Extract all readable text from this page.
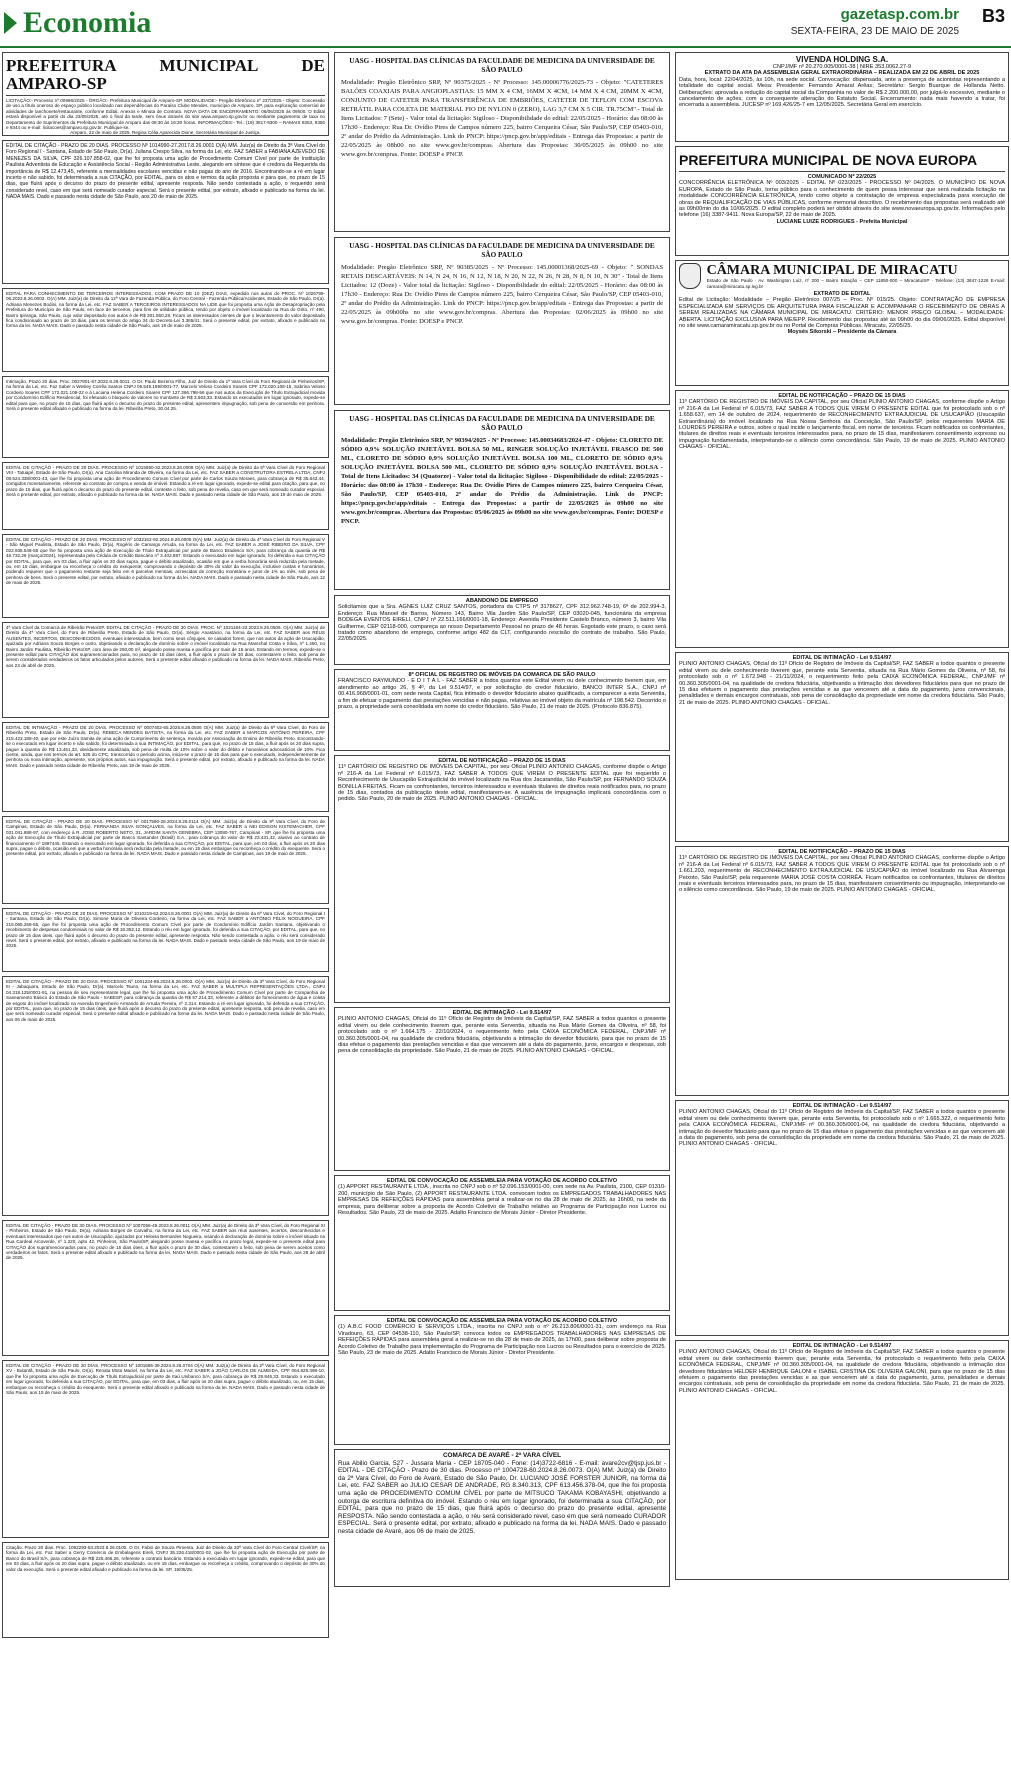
Economia	gazetasp.com.br
SEXTA-FEIRA, 23 DE MAIO DE 2025
B3
PREFEITURA MUNICIPAL DE AMPARO-SP
LICITAÇÃO:- Processo nº 00996/2025 - ÓRGÃO:- Prefeitura Municipal de Amparo-SP. MODALIDADE:- Pregão Eletrônico nº 237/2025 - Objeto: Concessão de uso a título oneroso de espaço público localizado nas dependências do Paraíso Clube Mendes, município de Amparo, SP, para exploração comercial de atividades de lanchonete/restaurante, conforme Edital, Anexos e Minuta de Contrato. NOVA DATA DE ENCERRAMENTO: 06/06/2025 às 09h00. O Edital estará disponível a partir do dia 23/05/2025, até o final da tarde, sem ônus através do site www.amparo.sp.gov.br ou mediante pagamento de taxa no Departamento de Suprimentos da Prefeitura Municipal de Amparo das 08:30 às 16:30 horas. INFORMAÇÕES:- Tel.: (19) 3817-9300 – RAMAIS 9353, 9356 e 9344 ou e-mail: licitacoes@amparo.sp.gov.br. Publique-se.
Amparo, 22 de maio de 2025. Regina Célia Aparecida Dione, Secretária Municipal de Justiça.
EDITAL DE CITAÇÃO - PRAZO DE 20 DIAS. PROCESSO Nº 1014990-27.2017.8.26.0001 O(A) MM. Juiz(a) de Direito da 3ª Vara Cível do Foro Regional I - Santana, Estado de São Paulo, Dr(a). Juliana Crespo Silva, na forma da Lei, etc. FAZ SABER a FABIANA AZEVEDO DE MENEZES DA SILVA, CPF 326.107.858-02, que lhe foi proposta uma ação de Procedimento Comum Cível por parte de Instituição Paulista Adventista de Educação e Assistência Social - Região Administrativa Leste, alegando em síntese que é credora da Requerida da importância de R$ 12.473,45, referente a mensalidades escolares vencidas e não pagas do ano de 2016. Encontrando-se a ré em lugar incerto e não sabido, foi determinada a sua CITAÇÃO, por EDITAL, para os atos e termos da ação proposta e para que, no prazo de 15 dias, que fluirá após o decurso do prazo do presente edital, apresente resposta. Não sendo contestada a ação, o requerido será considerado revel, caso em que será nomeado curador especial. Será o presente edital, por extrato, afixado e publicado na forma da lei. NADA MAIS. Dado e passado nesta cidade de São Paulo, aos 20 de maio de 2025.
EDITAL PARA CONHECIMENTO DE TERCEIROS INTERESSADOS, COM PRAZO DE 10 (DEZ) DIAS, expedido nos autos do PROC. Nº 1026799-06.2023.8.26.0003. O(A) MM. Juiz(a) de Direito da 12ª Vara de Fazenda Pública, do Foro Central - Fazenda Pública/Acidentes, Estado de São Paulo, Dr(a). Adriana Menezes Bodini, na forma da Lei, etc. FAZ SABER A TERCEIROS INTERESSADOS NA LIDE que foi proposta uma Ação de Desapropriação pela Prefeitura do Município de São Paulo, em face de terceiros, para fins de utilidade pública, tendo por objeto o imóvel localizado na Rua do Grito, nº 490, Bairro Ipiranga, São Paulo, cujo valor depositado nos autos é de R$ 301.550,28. Ficam os interessados cientes de que o levantamento do valor depositado fica condicionado ao prazo de 10 dias, para os termos do artigo 34 do Decreto-Lei 3.365/41. Será o presente edital, por extrato, afixado e publicado na forma da lei. NADA MAIS. Dado e passado nesta cidade de São Paulo, aos 19 de maio de 2025.
Intimação. Prazo 20 dias. Proc. 0027801-67.2022.8.26.0011. O Dr. Paulo Bezerra Filho, Juiz de Direito da 1ª Vara Cível do Foro Regional de Pinheiros/SP, na forma da Lei, etc. Faz Saber a Wesley Corrêa Santos CNPJ 05.549.199/0001-77, Marcelo Veloso Cordeiro Soares CPF 172.020.108-15, Sabrina Veloso Cordeiro Soares CPF 172.021.109-22 e à Luciana Helena Cordeiro Soares CPF 127.366.798-56 que nos autos da Execução de Título Extrajudicial movida por Condomínio Edifício Residencial, foi efetuado o bloqueio de valores no montante de R$ 3.563,33. Estando os executados em lugar ignorado, expede-se edital para que, no prazo de 15 dias, que fluirá após o decurso do prazo do presente edital, apresentem impugnação, sob pena de conversão em penhora. Será o presente edital afixado e publicado na forma da lei. Ribeirão Preto, 30.04.25.
EDITAL DE CITAÇÃO - PRAZO DE 20 DIAS. PROCESSO Nº 1015950-32.2023.8.26.0008 O(A) MM. Juiz(a) de Direito da 5ª Vara Cível do Foro Regional VIII - Tatuapé, Estado de São Paulo, Dr(a). Ana Carolina Miranda de Oliveira, na forma da Lei, etc. FAZ SABER a CONSTRUTORA ESTRELA LTDA, CNPJ 08.524.338/0001-43, que lhe foi proposta uma ação de Procedimento Comum Cível por parte de Carlos Souza Moraes, para cobrança de R$ 35.643,44, corrigidos monetariamente, referente ao contrato de compra e venda de imóvel. Estando a ré em lugar ignorado, expede-se edital para citação, para que, no prazo de 15 dias, que fluirá após o decurso do prazo do presente edital, conteste o feito, sob pena de revelia, caso em que será nomeado curador especial. Será o presente edital, por extrato, afixado e publicado na forma da lei. NADA MAIS. Dado e passado nesta cidade de São Paulo, aos 19 de maio de 2025.
EDITAL DE CITAÇÃO - PRAZO DE 20 DIAS. PROCESSO Nº 1032152-92.2024.8.26.0005 O(A) MM. Juiz(a) de Direito da 4ª Vara Cível do Foro Regional V - São Miguel Paulista, Estado de São Paulo, Dr(a). Rogério de Camargo Arruda, na forma da Lei, etc. FAZ SABER a JOSÉ RIBEIRO DA SILVA, CPF 022.935.548-55 que lhe foi proposta uma ação de Execução de Título Extrajudicial por parte de Banco Bradesco S/A, para cobrança da quantia de R$ 48.732,26 (março/2024), representada pela Cédula de Crédito Bancário nº 3.402.887. Estando o executado em lugar ignorado, foi deferida a sua CITAÇÃO por EDITAL, para que, em 03 dias, a fluir após os 20 dias supra, pague o débito atualizado, ocasião em que a verba honorária será reduzida pela metade, ou, em 15 dias, embargue ou reconheça o crédito do exequente, comprovando o depósito de 30% do valor da execução, inclusive custas e honorários, podendo requerer que o pagamento restante seja feito em 6 parcelas mensais, acrescidas de correção monetária e juros de 1% ao mês, sob pena de penhora de bens. Será o presente edital, por extrato, afixado e publicado na forma da lei. NADA MAIS. Dado e passado nesta cidade de São Paulo, aos 12 de maio de 2025.
4ª Vara Cível da Comarca de Ribeirão Preto/SP. EDITAL DE CITAÇÃO - PRAZO DE 30 DIAS. PROC. Nº 1021184-22.2023.8.26.0506. O(A) MM. Juiz(a) de Direito da 4ª Vara Cível, do Foro de Ribeirão Preto, Estado de São Paulo, Dr(a). Sérgio Anastácio, na forma da Lei, etc. FAZ SABER aos RÉUS AUSENTES, INCERTOS, DESCONHECIDOS, eventuais interessados, bem como seus cônjuges, se casados forem, que nos autos da ação de Usucapião, ajuizada por Adriana Souza Borges e outro, objetivando a declaração de domínio sobre o imóvel localizado na Rua Marechal Costa e Silva, nº 1.450, no Bairro Jardim Paulista, Ribeirão Preto/SP, com área de 250,00 m², alegando posse mansa e pacífica por mais de 15 anos. Estando em termos, expede-se o presente edital para CITAÇÃO dos supramencionados para, no prazo de 15 dias úteis, a fluir após o prazo de 30 dias, contestarem o feito, sob pena de serem considerados verdadeiros os fatos articulados pelos autores. Será o presente edital afixado e publicado na forma da lei. NADA MAIS. Ribeirão Preto, aos 23 de abril de 2025.
EDITAL DE INTIMAÇÃO - PRAZO DE 20 DIAS. PROCESSO Nº 0007402-65.2025.8.26.0506 O(A) MM. Juiz(a) de Direito da 6ª Vara Cível, do Foro de Ribeirão Preto, Estado de São Paulo, Dr(a). REBECA MENDES BATISTA, na forma da Lei, etc. FAZ SABER a MARCOS ANTÔNIO PEREIRA, CPF 215.423.188-40, que por este Juízo tramita de uma ação de Cumprimento de sentença, movida por Associação de Ensino de Ribeirão Preto. Encontrando-se o executado em lugar incerto e não sabido, foi determinada a sua INTIMAÇÃO, por EDITAL, para que, no prazo de 15 dias, a fluir após os 20 dias supra, pague a quantia de R$ 13.451,33, devidamente atualizada, sob pena de multa de 10% sobre o valor do débito e honorários advocatícios de 10%. Fica ciente, ainda, que nos termos do art. 525 do CPC, transcorrido o período acima, inicia-se o prazo de 15 dias para que o executado, independentemente de penhora ou nova intimação, apresente, nos próprios autos, sua impugnação. Será o presente edital, por extrato, afixado e publicado na forma da lei. NADA MAIS. Dado e passado nesta cidade de Ribeirão Preto, aos 19 de maio de 2025.
EDITAL DE CITAÇÃO - PRAZO DE 20 DIAS. PROCESSO Nº 0017590-28.2024.8.26.0114 O(A) MM. Juiz(a) de Direito da 9ª Vara Cível, do Foro de Campinas, Estado de São Paulo, Dr(a). FERNANDA SILVA GONÇALVES, na forma da Lei, etc. FAZ SABER a NEI EDISON KISTEMACHER, CPF 031.041.688-97, com endereço à R. JOSE ROBERTO NETO, 31, JARDIM SANTA GENEBRA, CEP 13080-767, Campinas - SP, que lhe foi proposta uma ação de Execução de Título Extrajudicial por parte de Banco Santander (Brasil) S.A., para cobrança do valor de R$ 23.431,42, alusivo ao contrato de financiamento nº 1897445. Estando o executado em lugar ignorado, foi deferida a sua CITAÇÃO, por EDITAL, para que, em 03 dias, a fluir após os 20 dias supra, pague o débito, ocasião em que a verba honorária será reduzida pela metade, ou em 15 dias embargue ou reconheça o crédito do exequente. Será o presente edital, por extrato, afixado e publicado na forma da lei. NADA MAIS. Dado e passado nesta cidade de Campinas, aos 19 de maio de 2025.
EDITAL DE CITAÇÃO - PRAZO DE 20 DIAS. PROCESSO Nº 1010219-62.2024.8.26.0001 O(A) MM. Juiz(a) de Direito da 6ª Vara Cível, do Foro Regional I - Santana, Estado de São Paulo, Dr(a). Simone Maria de Oliveira Cordeiro, na forma da Lei, etc. FAZ SABER a ANTÔNIO FÉLIX NOGUEIRA, CPF 216.065.258-55, que lhe foi proposta uma ação de Procedimento Comum Cível por parte de Condomínio Edifício Jardim Santana, objetivando o recebimento de despesas condominiais no valor de R$ 18.352,12. Estando o réu em lugar ignorado, foi deferida a sua CITAÇÃO, por EDITAL, para que, no prazo de 15 dias úteis, que fluirá após o decurso do prazo do presente edital, apresente resposta. Não sendo contestada a ação, o réu será considerado revel. Será o presente edital, por extrato, afixado e publicado na forma da lei. NADA MAIS. Dado e passado nesta cidade de São Paulo, aos 19 de maio de 2025.
EDITAL DE CITAÇÃO - PRAZO DE 20 DIAS. PROCESSO Nº 1001234-85.2024.8.26.0003. O(A) MM. Juiz(a) de Direito da 3ª Vara Cível, do Foro Regional III - Jabaquara, Estado de São Paulo, Dr(a). Marcelo Tsuno, na forma da Lei, etc. FAZ SABER a MULTIPLA REPRESENTAÇÕES LTDA., CNPJ 04.318.125/0001-91, na pessoa de seu representante legal, que lhe foi proposta uma ação de Procedimento Comum Cível por parte de Companhia de Saneamento Básico do Estado de São Paulo - SABESP, para cobrança da quantia de R$ 57.214,33, referente a débitos de fornecimento de água e coleta de esgoto do imóvel localizado na Avenida Engenheiro Armando de Arruda Pereira, nº 2.314. Estando a ré em lugar ignorado, foi deferida a sua CITAÇÃO, por EDITAL, para que, no prazo de 15 dias úteis, que fluirá após o decurso do prazo do presente edital, apresente resposta, sob pena de revelia, caso em que será nomeado curador especial. Será o presente edital afixado e publicado na forma da lei. NADA MAIS. Dado e passado nesta cidade de São Paulo, aos 06 de maio de 2025.
EDITAL DE CITAÇÃO - PRAZO DE 30 DIAS. PROCESSO Nº 1007056-49.2023.8.26.0011 O(A) MM. Juiz(a) de Direito da 3ª Vara Cível, do Foro Regional XI - Pinheiros, Estado de São Paulo, Dr(a). Adriana Borges de Carvalho, na forma da Lei, etc. FAZ SABER aos réus ausentes, incertos, desconhecidos e eventuais interessados que nos autos de Usucapião, ajuizados por Heloisa Bernardes Nogueira, visando à declaração de domínio sobre o imóvel situado na Rua Cardeal Arcoverde, nº 1.220, apto 42, Pinheiros, São Paulo/SP, alegando posse mansa e pacífica no prazo legal, expede-se o presente edital para CITAÇÃO dos supramencionados para, no prazo de 15 dias úteis, a fluir após o prazo de 30 dias, contestarem o feito, sob pena de serem aceitos como verdadeiros os fatos. Será o presente edital afixado e publicado na forma da lei. NADA MAIS. Dado e passado nesta cidade de São Paulo, aos 28 de abril de 2025.
EDITAL DE CITAÇÃO - PRAZO DE 20 DIAS. PROCESSO Nº 1001685-39.2024.8.26.0704 O(A) MM. Juiz(a) de Direito da 2ª Vara Cível, do Foro Regional XV - Butantã, Estado de São Paulo, Dr(a). Renata Mota Maciel, na forma da Lei, etc. FAZ SABER a JOÃO CARLOS DE ALMEIDA, CPF 064.825.398-10, que lhe foi proposta uma ação de Execução de Título Extrajudicial por parte de Itaú Unibanco S/A, para cobrança de R$ 29.846,33. Estando o executado em lugar ignorado, foi deferida a sua CITAÇÃO, por EDITAL, para que, em 03 dias, a fluir após os 20 dias supra, pague o débito atualizado, ou, em 15 dias, embargue ou reconheça o crédito do exequente. Será o presente edital afixado e publicado na forma da lei. NADA MAIS. Dado e passado nesta cidade de São Paulo, aos 15 de maio de 2025.
Citação. Prazo 20 dias. Proc. 1092293-53.2023.8.26.0100. O Dr. Fabio de Souza Pimenta, Juiz de Direito da 32ª Vara Cível do Foro Central Cível/SP, na forma da Lei, etc. Faz Saber a Gerry Comércio de Embalagens Eireli, CNPJ 35.226.418/0001-02, que lhe foi proposta ação de Execução por parte de Banco do Brasil S/A, para cobrança de R$ 225.466,26, referente a contrato bancário. Estando a executada em lugar ignorado, expede-se edital, para que em 03 dias, a fluir após os 20 dias supra, pague o débito atualizado, ou em 15 dias, embargue ou reconheça o crédito, comprovando o depósito de 30% do valor da execução. Será o presente edital afixado e publicado na forma da lei. SP, 19/05/25.
UASG - HOSPITAL DAS CLÍNICAS DA FACULDADE DE MEDICINA DA UNIVERSIDADE DE SÃO PAULO
Modalidade: Pregão Eletrônico SRP, Nº 90375/2025 - Nº Processo: 145.00006776/2025-73 - Objeto: "CATETERES BALÕES COAXIAIS PARA ANGIOPLASTIAS: 15 MM X 4 CM, 16MM X 4CM, 14 MM X 4 CM, 20MM X 4CM, CONJUNTO DE CATETER PARA TRANSFERÊNCIA DE EMBRIÕES, CATETER DE TEFLON COM ESCOVA RETRÁTIL PARA COLETA DE MATERIAL FIO DE NYLON 0 (ZERO), LAG 3,7 CM X 5 CIR. TR.75CM" - Total de Itens Licitados: 7 (Sete) - Valor total da licitação: Sigiloso - Disponibilidade do edital: 22/05/2025 - Horário: das 08:00 às 17h30 - Endereço: Rua Dr. Ovídio Pires de Campos número 225, bairro Cerqueira César, São Paulo/SP, CEP 05403-010, 2º andar do Prédio da Administração. Link do PNCP: https://pncp.gov.br/app/editais - Entrega das Propostas: a partir de 22/05/2025 às 08h00 no site www.gov.br/compras. Abertura das Propostas: 30/05/2025 às 09h00 no site www.gov.br/compras. Fonte: DOESP e PNCP.
UASG - HOSPITAL DAS CLÍNICAS DA FACULDADE DE MEDICINA DA UNIVERSIDADE DE SÃO PAULO
Modalidade: Pregão Eletrônico SRP, Nº 90385/2025 - Nº Processo: 145.00001368/2025-69 - Objeto: " SONDAS RETAIS DESCARTÁVEIS: N 14, N 24, N 16, N 12, N 18, N 20, N 22, N 26, N 28, N 8, N 10, N 30" - Total de Itens Licitados: 12 (Doze) - Valor total da licitação: Sigiloso - Disponibilidade do edital: 22/05/2025 - Horário: das 08:00 às 17h30 - Endereço: Rua Dr. Ovídio Pires de Campos número 225, bairro Cerqueira César, São Paulo/SP, CEP 05403-010, 2º andar do Prédio da Administração. Link do PNCP: https://pncp.gov.br/app/editais - Entrega das Propostas: a partir de 22/05/2025 às 09h00hs no site www.gov.br/compras. Abertura das Propostas: 02/06/2025 às 09h00 no site www.gov.br/compras. Fonte: DOESP e PNCP.
UASG - HOSPITAL DAS CLÍNICAS DA FACULDADE DE MEDICINA DA UNIVERSIDADE DE SÃO PAULO
Modalidade: Pregão Eletrônico SRP, Nº 90394/2025 - Nº Processo: 145.00034683/2024-47 - Objeto: CLORETO DE SÓDIO 0,9% SOLUÇÃO INJETÁVEL BOLSA 50 ML, RINGER SOLUÇÃO INJETÁVEL FRASCO DE 500 ML, CLORETO DE SÓDIO 0,9% SOLUÇÃO INJETÁVEL BOLSA 100 ML, CLORETO DE SÓDIO 0,9% SOLUÇÃO INJETÁVEL BOLSA 500 ML, CLORETO DE SÓDIO 0,9% SOLUÇÃO INJETÁVEL BOLSA - Total de Itens Licitados: 34 (Quatorze) - Valor total da licitação: Sigiloso - Disponibilidade do edital: 22/05/2025 - Horário: das 08:00 às 17h30 - Endereço: Rua Dr. Ovídio Pires de Campos número 225, bairro Cerqueira César, São Paulo/SP, CEP 05403-010, 2º andar do Prédio da Administração. Link do PNCP: https://pncp.gov.br/app/editais - Entrega das Propostas: a partir de 22/05/2025 às 09h00 no site www.gov.br/compras. Abertura das Propostas: 05/06/2025 às 09h00 no site www.gov.br/compras. Fonte: DOESP e PNCP.
ABANDONO DE EMPREGO
Solicitamos que a Sra. AGNES LUIZ CRUZ SANTOS, portadora da CTPS nº 3178627, CPF 312.962.748-19, 6ª de 202.994-3, Endereço: Rua Manoel de Barros, Número 143, Bairro Vila Jardim São Paulo/SP, CEP 03020-045, funcionária da empresa BODEGA EVENTOS EIRELI, CNPJ nº 22.511.166/0001-18, Endereço: Avenida Presidente Castelo Branco, número 3, bairro Vila Guilherme, CEP 02118-000, compareça ao nosso Departamento Pessoal no prazo de 48 horas. Esgotado este prazo, o caso será tratado como abandono de emprego, conforme artigo 482 da CLT, configurando rescisão do contrato de trabalho. São Paulo, 22/05/2025.
8º OFICIAL DE REGISTRO DE IMÓVEIS DA COMARCA DE SÃO PAULO
FRANCISCO RAYMUNDO - E D I T A L - FAZ SABER a todos quantos este Edital virem ou dele conhecimento tiverem que, em atendimento ao artigo 26, § 4º, da Lei 9.514/97, e por solicitação do credor fiduciário, BANCO INTER S.A., CNPJ nº 00.416.968/0001-01, com sede nesta Capital, fica intimado o devedor fiduciário abaixo qualificado, a comparecer a esta Serventia, a fim de efetuar o pagamento das prestações vencidas e não pagas, relativas ao imóvel objeto da matrícula nº 198.542. Decorrido o prazo, a propriedade será consolidada em nome do credor fiduciário. São Paulo, 21 de maio de 2025. (Protocolo 836.875).
EDITAL DE NOTIFICAÇÃO – PRAZO DE 15 DIAS
11º CARTÓRIO DE REGISTRO DE IMÓVEIS DA CAPITAL, por seu Oficial PLINIO ANTONIO CHAGAS, conforme dispõe o Artigo nº 216-A da Lei Federal nº 6.015/73, FAZ SABER A TODOS QUE VIREM O PRESENTE EDITAL que foi requerido o Reconhecimento de Usucapião Extrajudicial do imóvel localizado na Rua dos Jacarandás, São Paulo/SP, por FERNANDO SOUZA BONILLA FREITAS. Ficam os confrontantes, terceiros interessados e eventuais titulares de direitos reais notificados para, no prazo de 15 dias, contados da publicação deste edital, manifestarem-se. A ausência de impugnação implicará concordância com o pedido. São Paulo, 20 de maio de 2025. PLINIO ANTONIO CHAGAS - OFICIAL.
EDITAL DE INTIMAÇÃO - Lei 9.514/97
PLINIO ANTONIO CHAGAS, Oficial do 11º Ofício de Registro de Imóveis da Capital/SP, FAZ SABER a todos quantos o presente edital virem ou dele conhecimento tiverem que, perante esta Serventia, situada na Rua Mário Gomes da Oliveira, nº 58, foi protocolado sob o nº 1.664.175 - 22/10/2024, o requerimento feito pela CAIXA ECONÔMICA FEDERAL, CNPJ/MF nº 00.360.305/0001-04, na qualidade de credora fiduciária, objetivando a intimação do devedor fiduciário, para que no prazo de 15 dias efetue o pagamento das prestações vencidas e das que vencerem até a data do pagamento, juros, encargos e despesas, sob pena de consolidação da propriedade. São Paulo, 21 de maio de 2025. PLINIO ANTONIO CHAGAS - OFICIAL.
EDITAL DE CONVOCAÇÃO DE ASSEMBLEIA PARA VOTAÇÃO DE ACORDO COLETIVO
(1) APPORT RESTAURANTE LTDA., inscrita no CNPJ sob o nº 52.096.153/0001-00, com sede na Av. Paulista, 2100, CEP 01310-200, município de São Paulo, (2) APPORT RESTAURANTE LTDA. convocam todos os EMPREGADOS TRABALHADORES NAS EMPRESAS DE REFEIÇÕES RÁPIDAS para assembleia geral a realizar-se no dia 28 de maio de 2025, às 16h00, na sede da empresa, para deliberar sobre a proposta de Acordo Coletivo de Trabalho relativo ao Programa de Participação nos Lucros ou Resultados. São Paulo, 23 de maio de 2025. Adalto Francisco de Morais Júnior - Diretor Presidente.
EDITAL DE CONVOCAÇÃO DE ASSEMBLEIA PARA VOTAÇÃO DE ACORDO COLETIVO
(1) A.B.C FOOD COMÉRCIO E SERVIÇOS LTDA., inscrita no CNPJ sob o nº 26.213.806/0001-31, com endereço na Rua Viradouro, 63, CEP 04538-110, São Paulo/SP, convoca todos os EMPREGADOS TRABALHADORES NAS EMPRESAS DE REFEIÇÕES RÁPIDAS para assembleia geral a realizar-se no dia 28 de maio de 2025, às 17h00, para deliberar sobre proposta de Acordo Coletivo de Trabalho para implementação do Programa de Participação nos Lucros ou Resultados para o exercício de 2025. São Paulo, 23 de maio de 2025. Adalto Francisco de Morais Júnior - Diretor Presidente.
COMARCA DE AVARÉ - 2ª VARA CÍVEL
Rua Abilio Garcia, 527 - Jussara Maria - CEP 18705-040 - Fone: (14)3722-6816 - E-mail: avare2cv@tjsp.jus.br - EDITAL - DE CITAÇÃO - Prazo de 30 dias. Processo nº 1004728-60.2024.8.26.0073. O(A) MM. Juiz(a) de Direito da 2ª Vara Cível, do Foro de Avaré, Estado de São Paulo, Dr. LUCIANO JOSÉ FORSTER JUNIOR, na forma da Lei, etc. FAZ SABER ao JULIO CESAR DE ANDRADE, RG 8.340.313, CPF 613.456.378-04, que lhe foi proposta uma ação de PROCEDIMENTO COMUM CÍVEL por parte de MITSUCO TAKAMA KOBAYASHI, objetivando a outorga de escritura definitiva do imóvel. Estando o réu em lugar ignorado, foi determinada a sua CITAÇÃO, por EDITAL, para que no prazo de 15 dias, que fluirá após o decurso do prazo do presente edital, apresente RESPOSTA. Não sendo contestada a ação, o réu será considerado revel, caso em que será nomeado CURADOR ESPECIAL. Será o presente edital, por extrato, afixado e publicado na forma da lei. NADA MAIS. Dado e passado nesta cidade de Avaré, aos 06 de maio de 2025.
VIVENDA HOLDING S.A.
CNPJ/MF nº 20.270.005/0001-38 | NIRE 353.0062.27-9
EXTRATO DA ATA DA ASSEMBLEIA GERAL EXTRAORDINÁRIA – REALIZADA EM 22 DE ABRIL DE 2025
Data, hora, local: 22/04/2025, às 10h, na sede social. Convocação: dispensada, ante a presença de acionistas representando a totalidade do capital social. Mesa: Presidente: Fernando Amaral Arêas; Secretário: Sergio Buarque de Hollanda Netto. Deliberações: aprovada a redução do capital social da Companhia no valor de R$ 2.200.000,00, por julgá-lo excessivo, mediante o cancelamento de ações, com a consequente alteração do Estatuto Social. Encerramento: nada mais havendo a tratar, foi encerrada a assembleia. JUCESP nº 169.426/25-7 em 12/05/2025. Secretária Geral em exercício.
PREFEITURA MUNICIPAL DE NOVA EUROPA
COMUNICADO Nº 22/2025
CONCORRÊNCIA ELETRÔNICA Nº 003/2025 - EDITAL Nº 023/2025 - PROCESSO Nº 04/2025. O MUNICÍPIO DE NOVA EUROPA, Estado de São Paulo, torna público para o conhecimento de quem possa interessar que será realizada licitação na modalidade CONCORRÊNCIA ELETRÔNICA, tendo como objeto a contratação de empresa especializada para execução de obras de REQUALIFICAÇÃO DE VIAS PÚBLICAS, conforme memorial descritivo. O recebimento das propostas será realizado até as 09h00min do dia 10/06/2025. O edital completo poderá ser obtido através do site www.novaeuropa.sp.gov.br. Informações pelo telefone (16) 3387-9411. Nova Europa/SP, 22 de maio de 2025.
LUCIANE LUIZE RODRIGUES - Prefeita Municipal
CÂMARA MUNICIPAL DE MIRACATU
Estado de São Paulo · Av. Washington Luiz, nº 200 – Bairro Estação – CEP 11850-000 – Miracatu/SP · Telefone: (13) 3847-1226 E-mail: camara@miracatu.sp.leg.br
EXTRATO DE EDITAL
Edital de Licitação: Modalidade – Pregão Eletrônico 007/25 – Proc. Nº 015/25. Objeto: CONTRATAÇÃO DE EMPRESA ESPECIALIZADA EM SERVIÇOS DE ARQUITETURA PARA FISCALIZAR E ACOMPANHAR O RECEBIMENTO DE OBRAS A SEREM REALIZADAS NA CÂMARA MUNICIPAL DE MIRACATU. CRITÉRIO: MENOR PREÇO GLOBAL – MODALIDADE: ABERTA. LICITAÇÃO EXCLUSIVA PARA ME/EPP. Recebimento das propostas até às 09h00 do dia 09/06/2025. Edital disponível no site www.camaramiracatu.sp.gov.br ou no Portal de Compras Públicas. Miracatu, 22/05/25.
Moysés Sikorski – Presidente da Câmara
EDITAL DE NOTIFICAÇÃO – PRAZO DE 15 DIAS
11º CARTÓRIO DE REGISTRO DE IMÓVEIS DA CAPITAL, por seu Oficial PLINIO ANTONIO CHAGAS, conforme dispõe o Artigo nº 216-A da Lei Federal nº 6.015/73, FAZ SABER A TODOS QUE VIREM O PRESENTE EDITAL que foi protocolado sob o nº 1.658.637, em 14 de outubro de 2024, requerimento de RECONHECIMENTO EXTRAJUDICIAL DE USUCAPIÃO (Usucapião Extraordinária) do imóvel localizado na Rua Nossa Senhora da Conceição, São Paulo/SP, pelos requerentes MARIA DE LOURDES PEREIRA e outros, sobre o qual incide o lançamento fiscal, em nome de terceiros. Ficam notificados os confrontantes, titulares de direitos reais e eventuais terceiros interessados para, no prazo de 15 dias, manifestarem consentimento expresso ou impugnação fundamentada, interpretando-se o silêncio como concordância. São Paulo, 19 de maio de 2025. PLINIO ANTONIO CHAGAS - OFICIAL.
EDITAL DE INTIMAÇÃO - Lei 9.514/97
PLINIO ANTONIO CHAGAS, Oficial do 11º Ofício de Registro de Imóveis da Capital/SP, FAZ SABER a todos quantos o presente edital virem ou dele conhecimento tiverem que, perante esta Serventia, situada na Rua Mário Gomes da Oliveira, nº 58, foi protocolado sob o nº 1.672.948 - 21/11/2024, o requerimento feito pela CAIXA ECONÔMICA FEDERAL, CNPJ/MF nº 00.360.305/0001-04, na qualidade de credora fiduciária, objetivando a intimação dos devedores fiduciários para que no prazo de 15 dias efetuem o pagamento das prestações vencidas e as que vencerem até a data do pagamento, juros convencionais, penalidades e demais encargos contratuais, sob pena de consolidação da propriedade em nome da credora fiduciária. São Paulo, 21 de maio de 2025. PLINIO ANTONIO CHAGAS - OFICIAL.
EDITAL DE NOTIFICAÇÃO – PRAZO DE 15 DIAS
11º CARTÓRIO DE REGISTRO DE IMÓVEIS DA CAPITAL, por seu Oficial PLINIO ANTONIO CHAGAS, conforme dispõe o Artigo nº 216-A da Lei Federal nº 6.015/73, FAZ SABER A TODOS QUE VIREM O PRESENTE EDITAL que foi protocolado sob o nº 1.661.203, requerimento de RECONHECIMENTO EXTRAJUDICIAL DE USUCAPIÃO do imóvel localizado na Rua Alvarenga Peixoto, São Paulo/SP, pela requerente MARIA JOSÉ COSTA CORRÊA. Ficam notificados os confrontantes, titulares de direitos reais e eventuais terceiros interessados para, no prazo de 15 dias, manifestarem consentimento ou impugnação, interpretando-se o silêncio como concordância. São Paulo, 19 de maio de 2025. PLINIO ANTONIO CHAGAS - OFICIAL.
EDITAL DE INTIMAÇÃO - Lei 9.514/97
PLINIO ANTONIO CHAGAS, Oficial do 11º Ofício de Registro de Imóveis da Capital/SP, FAZ SABER a todos quantos o presente edital virem ou dele conhecimento tiverem que, perante esta Serventia, foi protocolado sob o nº 1.665.322, o requerimento feito pela CAIXA ECONÔMICA FEDERAL, CNPJ/MF nº 00.360.305/0001-04, na qualidade de credora fiduciária, objetivando a intimação do devedor fiduciário para que no prazo de 15 dias efetue o pagamento das prestações vencidas e as que vencerem até a data do pagamento, sob pena de consolidação da propriedade em nome da credora fiduciária. São Paulo, 21 de maio de 2025. PLINIO ANTONIO CHAGAS - OFICIAL.
EDITAL DE INTIMAÇÃO - Lei 9.514/97
PLINIO ANTONIO CHAGAS, Oficial do 11º Ofício de Registro de Imóveis da Capital/SP, FAZ SABER a todos quantos o presente edital virem ou dele conhecimento tiverem que, perante esta Serventia, foi protocolado o requerimento feito pela CAIXA ECONÔMICA FEDERAL, CNPJ/MF nº 00.360.305/0001-04, na qualidade de credora fiduciária, objetivando a intimação dos devedores fiduciários HELDER HENRIQUE GALONI e ISABEL CRISTINA DE OLIVEIRA GALONI, para que no prazo de 15 dias efetuem o pagamento das prestações vencidas e as que vencerem até a data do pagamento, juros, penalidades e demais encargos contratuais, sob pena de consolidação da propriedade em nome da credora fiduciária. São Paulo, 21 de maio de 2025. PLINIO ANTONIO CHAGAS - OFICIAL.
